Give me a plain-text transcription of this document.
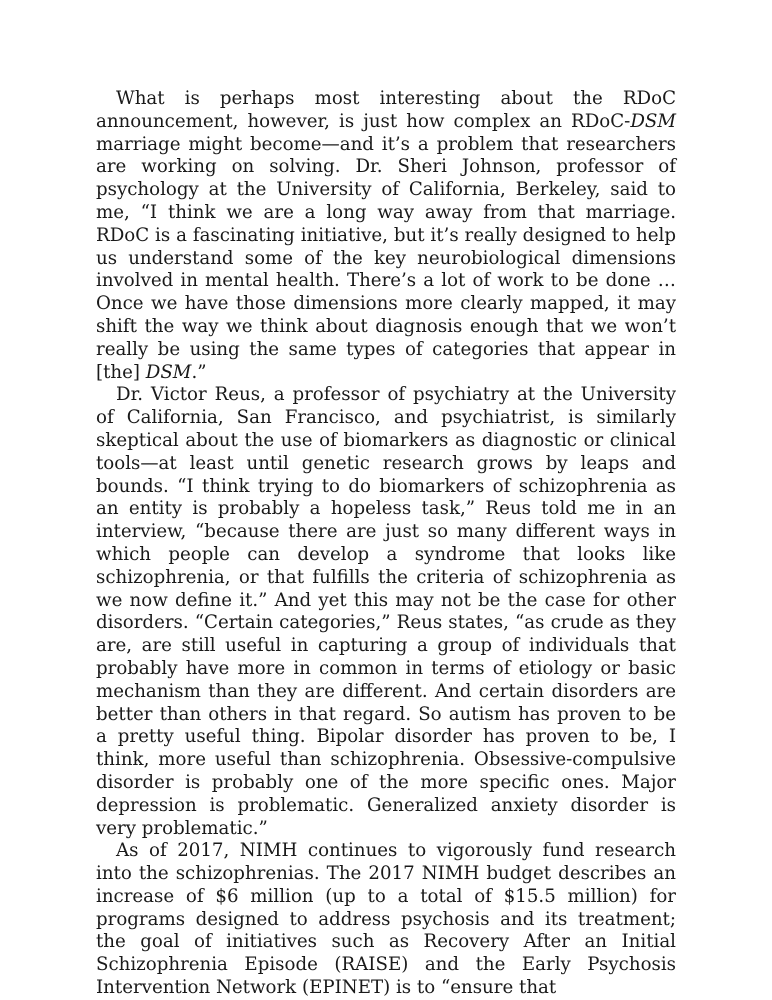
What is perhaps most interesting about the RDoC announcement, however, is just how complex an RDoC-DSM marriage might become—and it’s a problem that researchers are working on solving. Dr. Sheri Johnson, professor of psychology at the University of California, Berkeley, said to me, “I think we are a long way away from that marriage. RDoC is a fascinating initiative, but it’s really designed to help us understand some of the key neurobiological dimensions involved in mental health. There’s a lot of work to be done … Once we have those dimensions more clearly mapped, it may shift the way we think about diagnosis enough that we won’t really be using the same types of categories that appear in [the] DSM.”

Dr. Victor Reus, a professor of psychiatry at the University of California, San Francisco, and psychiatrist, is similarly skeptical about the use of biomarkers as diagnostic or clinical tools—at least until genetic research grows by leaps and bounds. “I think trying to do biomarkers of schizophrenia as an entity is probably a hopeless task,” Reus told me in an interview, “because there are just so many different ways in which people can develop a syndrome that looks like schizophrenia, or that fulfills the criteria of schizophrenia as we now define it.” And yet this may not be the case for other disorders. “Certain categories,” Reus states, “as crude as they are, are still useful in capturing a group of individuals that probably have more in common in terms of etiology or basic mechanism than they are different. And certain disorders are better than others in that regard. So autism has proven to be a pretty useful thing. Bipolar disorder has proven to be, I think, more useful than schizophrenia. Obsessive-compulsive disorder is probably one of the more specific ones. Major depression is problematic. Generalized anxiety disorder is very problematic.”

As of 2017, NIMH continues to vigorously fund research into the schizophrenias. The 2017 NIMH budget describes an increase of $6 million (up to a total of $15.5 million) for programs designed to address psychosis and its treatment; the goal of initiatives such as Recovery After an Initial Schizophrenia Episode (RAISE) and the Early Psychosis Intervention Network (EPINET) is to “ensure that
